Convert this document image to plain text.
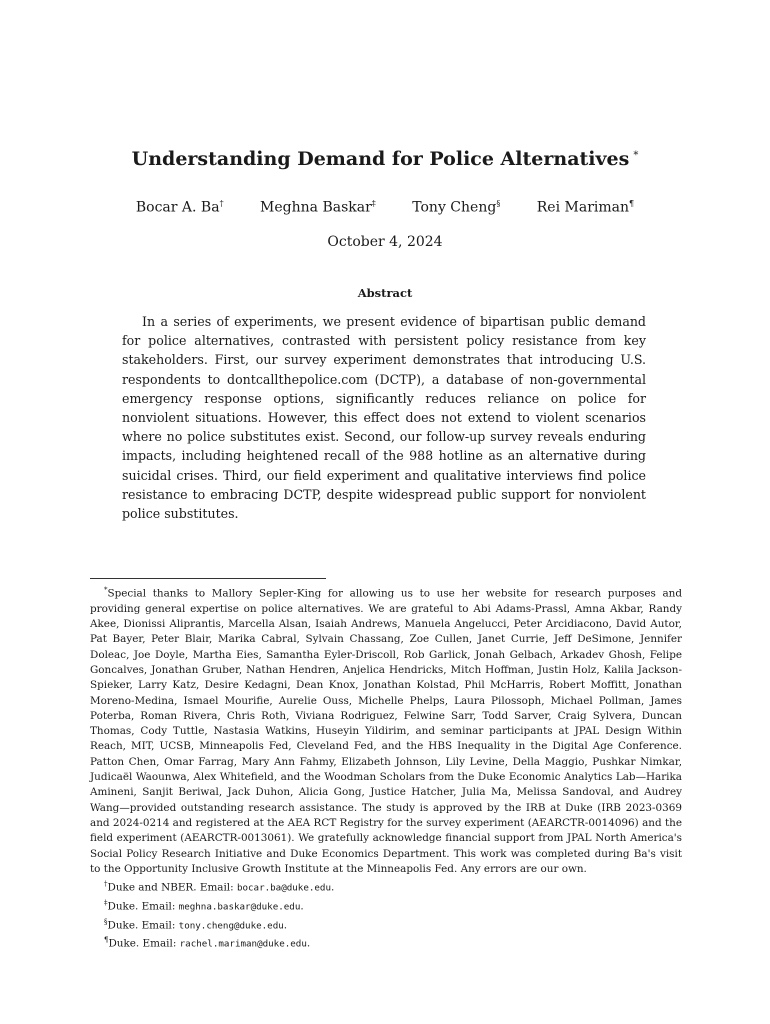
Understanding Demand for Police Alternatives *
Bocar A. Ba†	Meghna Baskar‡	Tony Cheng§	Rei Mariman¶
October 4, 2024
Abstract

In a series of experiments, we present evidence of bipartisan public demand for police alternatives, contrasted with persistent policy resistance from key stakeholders. First, our survey experiment demonstrates that introducing U.S. respondents to dontcallthepolice.com (DCTP), a database of non-governmental emergency response options, significantly reduces reliance on police for nonviolent situations. However, this effect does not extend to violent scenarios where no police substitutes exist. Second, our follow-up survey reveals enduring impacts, including heightened recall of the 988 hotline as an alternative during suicidal crises. Third, our field experiment and qualitative interviews find police resistance to embracing DCTP, despite widespread public support for nonviolent police substitutes.

*Special thanks to Mallory Sepler-King for allowing us to use her website for research purposes and providing general expertise on police alternatives. We are grateful to Abi Adams-Prassl, Amna Akbar, Randy Akee, Dionissi Aliprantis, Marcella Alsan, Isaiah Andrews, Manuela Angelucci, Peter Arcidiacono, David Autor, Pat Bayer, Peter Blair, Marika Cabral, Sylvain Chassang, Zoe Cullen, Janet Currie, Jeff DeSimone, Jennifer Doleac, Joe Doyle, Martha Eies, Samantha Eyler-Driscoll, Rob Garlick, Jonah Gelbach, Arkadev Ghosh, Felipe Goncalves, Jonathan Gruber, Nathan Hendren, Anjelica Hendricks, Mitch Hoffman, Justin Holz, Kalila Jackson-Spieker, Larry Katz, Desire Kedagni, Dean Knox, Jonathan Kolstad, Phil McHarris, Robert Moffitt, Jonathan Moreno-Medina, Ismael Mourifie, Aurelie Ouss, Michelle Phelps, Laura Pilossoph, Michael Pollman, James Poterba, Roman Rivera, Chris Roth, Viviana Rodriguez, Felwine Sarr, Todd Sarver, Craig Sylvera, Duncan Thomas, Cody Tuttle, Nastasia Watkins, Huseyin Yildirim, and seminar participants at JPAL Design Within Reach, MIT, UCSB, Minneapolis Fed, Cleveland Fed, and the HBS Inequality in the Digital Age Conference. Patton Chen, Omar Farrag, Mary Ann Fahmy, Elizabeth Johnson, Lily Levine, Della Maggio, Pushkar Nimkar, Judicaël Waounwa, Alex Whitefield, and the Woodman Scholars from the Duke Economic Analytics Lab—Harika Amineni, Sanjit Beriwal, Jack Duhon, Alicia Gong, Justice Hatcher, Julia Ma, Melissa Sandoval, and Audrey Wang—provided outstanding research assistance. The study is approved by the IRB at Duke (IRB 2023-0369 and 2024-0214 and registered at the AEA RCT Registry for the survey experiment (AEARCTR-0014096) and the field experiment (AEARCTR-0013061). We gratefully acknowledge financial support from JPAL North America's Social Policy Research Initiative and Duke Economics Department. This work was completed during Ba's visit to the Opportunity Inclusive Growth Institute at the Minneapolis Fed. Any errors are our own.

†Duke and NBER. Email: bocar.ba@duke.edu.

‡Duke. Email: meghna.baskar@duke.edu.

§Duke. Email: tony.cheng@duke.edu.

¶Duke. Email: rachel.mariman@duke.edu.
